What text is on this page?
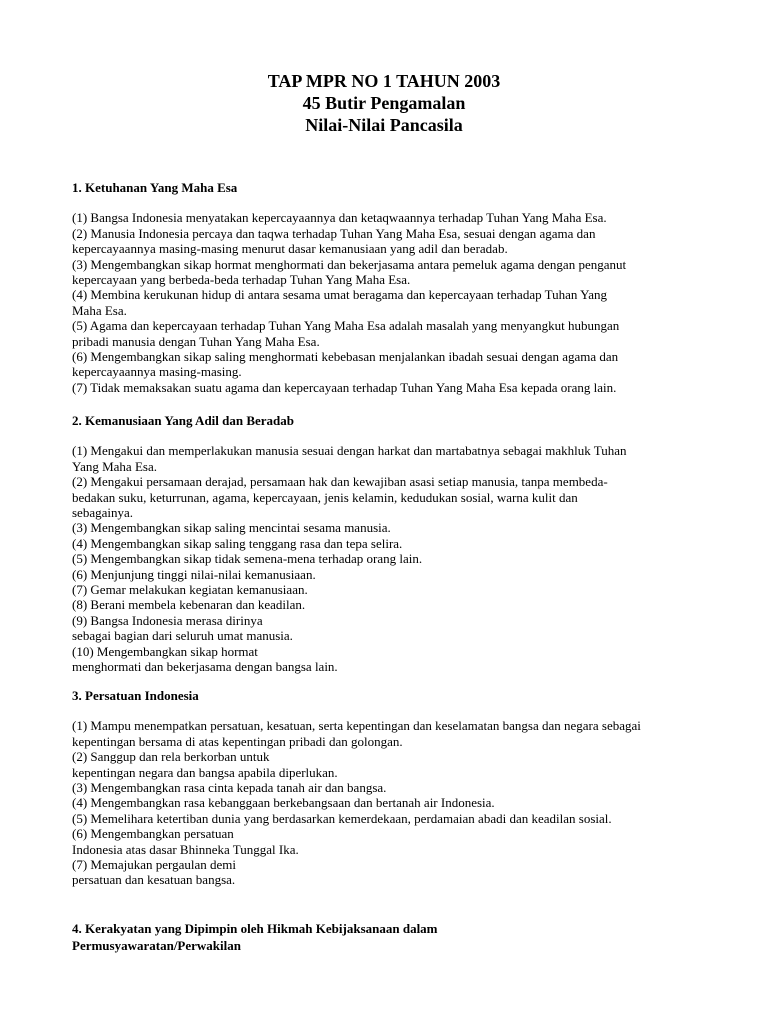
TAP MPR NO 1 TAHUN 2003
45 Butir Pengamalan
Nilai-Nilai Pancasila
1. Ketuhanan Yang Maha Esa
(1) Bangsa Indonesia menyatakan kepercayaannya dan ketaqwaannya terhadap Tuhan Yang Maha Esa.
(2) Manusia Indonesia percaya dan taqwa terhadap Tuhan Yang Maha Esa, sesuai dengan agama dan
kepercayaannya masing-masing menurut dasar kemanusiaan yang adil dan beradab.
(3) Mengembangkan sikap hormat menghormati dan bekerjasama antara pemeluk agama dengan penganut
kepercayaan yang berbeda-beda terhadap Tuhan Yang Maha Esa.
(4) Membina kerukunan hidup di antara sesama umat beragama dan kepercayaan terhadap Tuhan Yang
Maha Esa.
(5) Agama dan kepercayaan terhadap Tuhan Yang Maha Esa adalah masalah yang menyangkut hubungan
pribadi manusia dengan Tuhan Yang Maha Esa.
(6) Mengembangkan sikap saling menghormati kebebasan menjalankan ibadah sesuai dengan agama dan
kepercayaannya masing-masing.
(7) Tidak memaksakan suatu agama dan kepercayaan terhadap Tuhan Yang Maha Esa kepada orang lain.
2. Kemanusiaan Yang Adil dan Beradab
(1) Mengakui dan memperlakukan manusia sesuai dengan harkat dan martabatnya sebagai makhluk Tuhan
Yang Maha Esa.
(2) Mengakui persamaan derajad, persamaan hak dan kewajiban asasi setiap manusia, tanpa membeda-
bedakan suku, keturrunan, agama, kepercayaan, jenis kelamin, kedudukan sosial, warna kulit dan
sebagainya.
(3) Mengembangkan sikap saling mencintai sesama manusia.
(4) Mengembangkan sikap saling tenggang rasa dan tepa selira.
(5) Mengembangkan sikap tidak semena-mena terhadap orang lain.
(6) Menjunjung tinggi nilai-nilai kemanusiaan.
(7) Gemar melakukan kegiatan kemanusiaan.
(8) Berani membela kebenaran dan keadilan.
(9) Bangsa Indonesia merasa dirinya
sebagai bagian dari seluruh umat manusia.
(10) Mengembangkan sikap hormat
menghormati dan bekerjasama dengan bangsa lain.
3. Persatuan Indonesia
(1) Mampu menempatkan persatuan, kesatuan, serta kepentingan dan keselamatan bangsa dan negara sebagai
kepentingan bersama di atas kepentingan pribadi dan golongan.
(2) Sanggup dan rela berkorban untuk
kepentingan negara dan bangsa apabila diperlukan.
(3) Mengembangkan rasa cinta kepada tanah air dan bangsa.
(4) Mengembangkan rasa kebanggaan berkebangsaan dan bertanah air Indonesia.
(5) Memelihara ketertiban dunia yang berdasarkan kemerdekaan, perdamaian abadi dan keadilan sosial.
(6) Mengembangkan persatuan
Indonesia atas dasar Bhinneka Tunggal Ika.
(7) Memajukan pergaulan demi
persatuan dan kesatuan bangsa.
4. Kerakyatan yang Dipimpin oleh Hikmah Kebijaksanaan dalam
Permusyawaratan/Perwakilan
